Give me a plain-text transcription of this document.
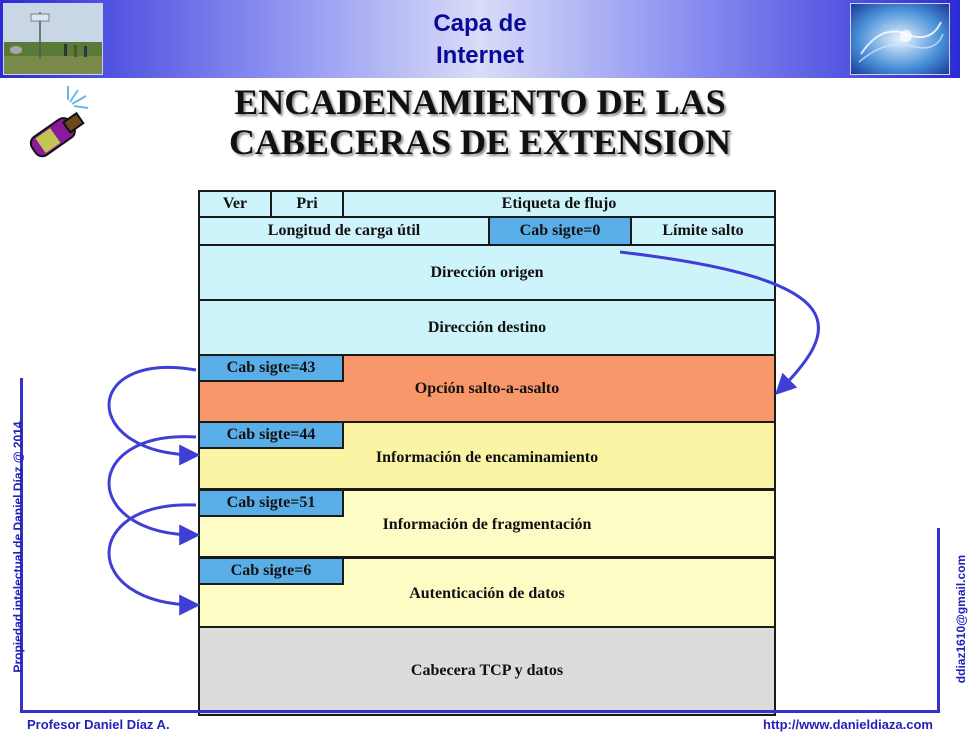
Capa de
Internet
ENCADENAMIENTO DE LAS
CABECERAS DE EXTENSION
Ver	Pri	Etiqueta de flujo
Longitud de carga útil	Cab sigte=0	Límite salto
Dirección origen
Dirección destino
Opción salto-a-asalto
Cab sigte=43
Información de encaminamiento
Cab sigte=44
Información de fragmentación
Cab sigte=51
Autenticación de datos
Cab sigte=6
Cabecera TCP y datos
Propiedad intelectual de Daniel Díaz @ 2014	ddiaz1610@gmail.com
Profesor Daniel Díaz A.	http://www.danieldiaza.com
